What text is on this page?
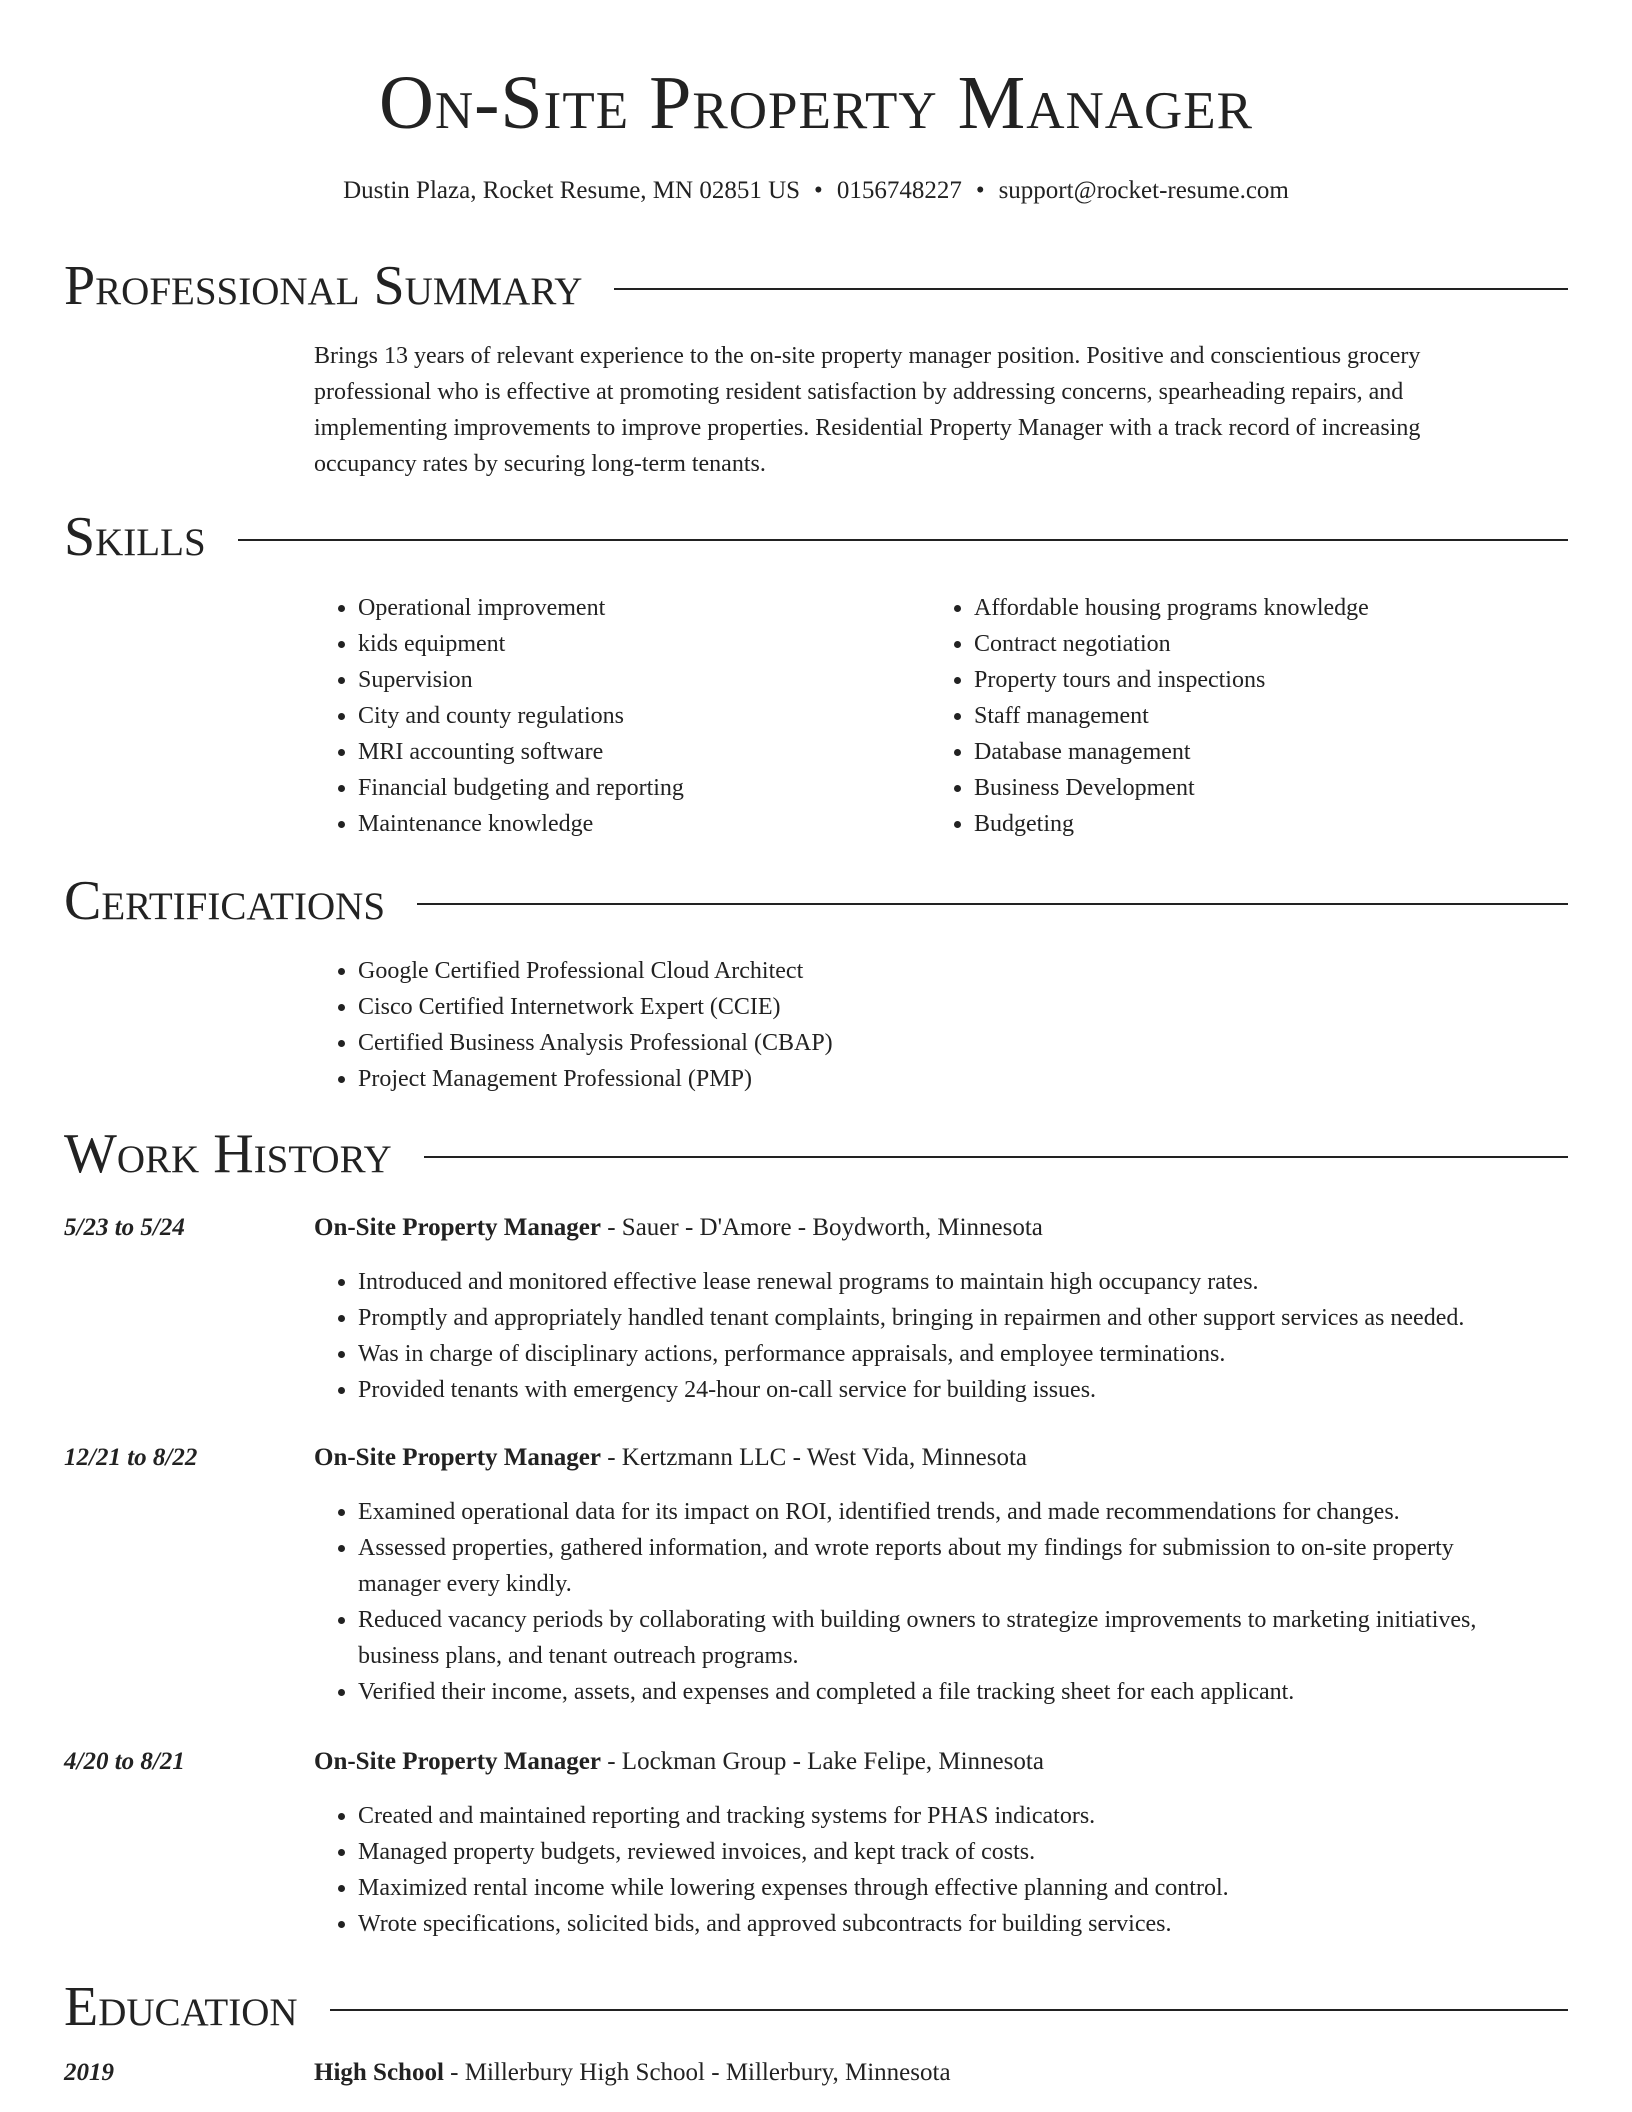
On-Site Property Manager
Dustin Plaza, Rocket Resume, MN 02851 US • 0156748227 • support@rocket-resume.com
Professional Summary
Brings 13 years of relevant experience to the on-site property manager position. Positive and conscientious grocery professional who is effective at promoting resident satisfaction by addressing concerns, spearheading repairs, and implementing improvements to improve properties. Residential Property Manager with a track record of increasing occupancy rates by securing long-term tenants.
Skills
• Operational improvement
• kids equipment
• Supervision
• City and county regulations
• MRI accounting software
• Financial budgeting and reporting
• Maintenance knowledge
• Affordable housing programs knowledge
• Contract negotiation
• Property tours and inspections
• Staff management
• Database management
• Business Development
• Budgeting
Certifications
• Google Certified Professional Cloud Architect
• Cisco Certified Internetwork Expert (CCIE)
• Certified Business Analysis Professional (CBAP)
• Project Management Professional (PMP)
Work History
5/23 to 5/24	On-Site Property Manager - Sauer - D'Amore - Boydworth, Minnesota
• Introduced and monitored effective lease renewal programs to maintain high occupancy rates.
• Promptly and appropriately handled tenant complaints, bringing in repairmen and other support services as needed.
• Was in charge of disciplinary actions, performance appraisals, and employee terminations.
• Provided tenants with emergency 24-hour on-call service for building issues.
12/21 to 8/22	On-Site Property Manager - Kertzmann LLC - West Vida, Minnesota
• Examined operational data for its impact on ROI, identified trends, and made recommendations for changes.
• Assessed properties, gathered information, and wrote reports about my findings for submission to on-site property manager every kindly.
• Reduced vacancy periods by collaborating with building owners to strategize improvements to marketing initiatives, business plans, and tenant outreach programs.
• Verified their income, assets, and expenses and completed a file tracking sheet for each applicant.
4/20 to 8/21	On-Site Property Manager - Lockman Group - Lake Felipe, Minnesota
• Created and maintained reporting and tracking systems for PHAS indicators.
• Managed property budgets, reviewed invoices, and kept track of costs.
• Maximized rental income while lowering expenses through effective planning and control.
• Wrote specifications, solicited bids, and approved subcontracts for building services.
Education
2019	High School - Millerbury High School - Millerbury, Minnesota
